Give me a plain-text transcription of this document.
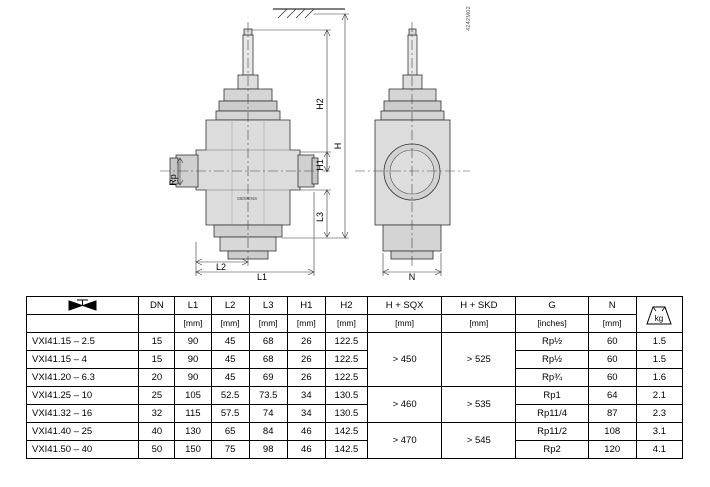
H
H2
H1
L3
Rp
L1
L2
N
SIEMENS
4242M02
	DN	L1	L2	L3	H1	H2	H + SQX	H + SKD	G	N	kg

		[mm]	[mm]	[mm]	[mm]	[mm]	[mm]	[mm]	[inches]	[mm]	
VXI41.15 – 2.5	15	90	45	68	26	122.5	> 450	> 525	Rp½	60	1.5
VXI41.15 – 4	15	90	45	68	26	122.5			Rp½	60	1.5
VXI41.20 – 6.3	20	90	45	69	26	122.5			Rp¾	60	1.6
VXI41.25 – 10	25	105	52.5	73.5	34	130.5	> 460	> 535	Rp1	64	2.1
VXI41.32 – 16	32	115	57.5	74	34	130.5			Rp11/4	87	2.3
VXI41.40 – 25	40	130	65	84	46	142.5	> 470	> 545	Rp11/2	108	3.1
VXI41.50 – 40	50	150	75	98	46	142.5			Rp2	120	4.1
